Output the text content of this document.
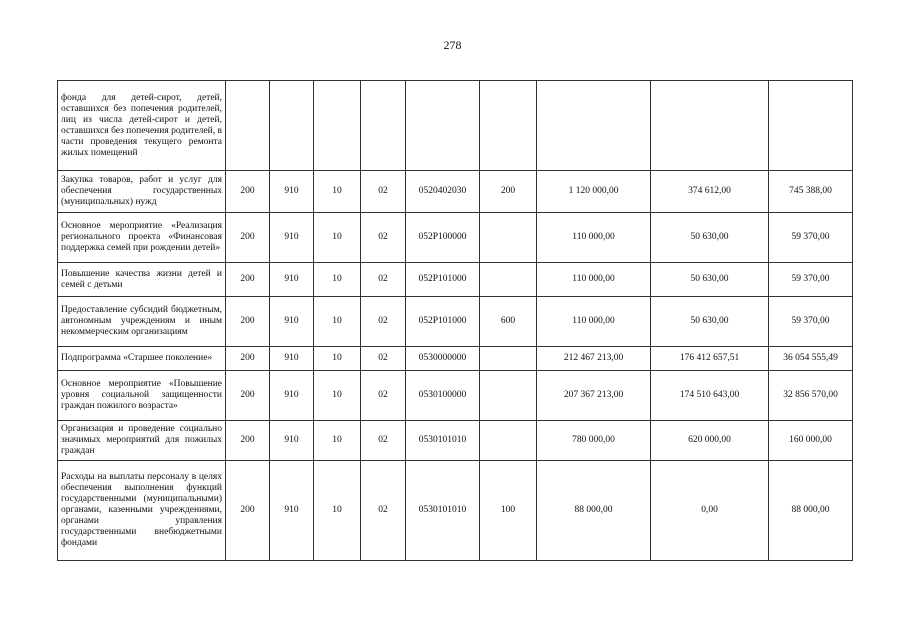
278
фонда для детей-сирот, детей, оставшихся без попечения родителей, лиц из числа детей-сирот и детей, оставшихся без попечения родителей, в части проведения текущего ремонта жилых помещений									
Закупка товаров, работ и услуг для обеспечения государственных (муниципальных) нужд	200	910	10	02	0520402030	200	1 120 000,00	374 612,00	745 388,00
Основное мероприятие «Реализация регионального проекта «Финансовая поддержка семей при рождении детей»	200	910	10	02	052P100000		110 000,00	50 630,00	59 370,00
Повышение качества жизни детей и семей с детьми	200	910	10	02	052P101000		110 000,00	50 630,00	59 370,00
Предоставление субсидий бюджетным, автономным учреждениям и иным некоммерческим организациям	200	910	10	02	052P101000	600	110 000,00	50 630,00	59 370,00
Подпрограмма «Старшее поколение»	200	910	10	02	0530000000		212 467 213,00	176 412 657,51	36 054 555,49
Основное мероприятие «Повышение уровня социальной защищенности граждан пожилого возраста»	200	910	10	02	0530100000		207 367 213,00	174 510 643,00	32 856 570,00
Организация и проведение социально значимых мероприятий для пожилых граждан	200	910	10	02	0530101010		780 000,00	620 000,00	160 000,00
Расходы на выплаты персоналу в целях обеспечения выполнения функций государственными (муниципальными) органами, казенными учреждениями, органами управления государственными внебюджетными фондами	200	910	10	02	0530101010	100	88 000,00	0,00	88 000,00
